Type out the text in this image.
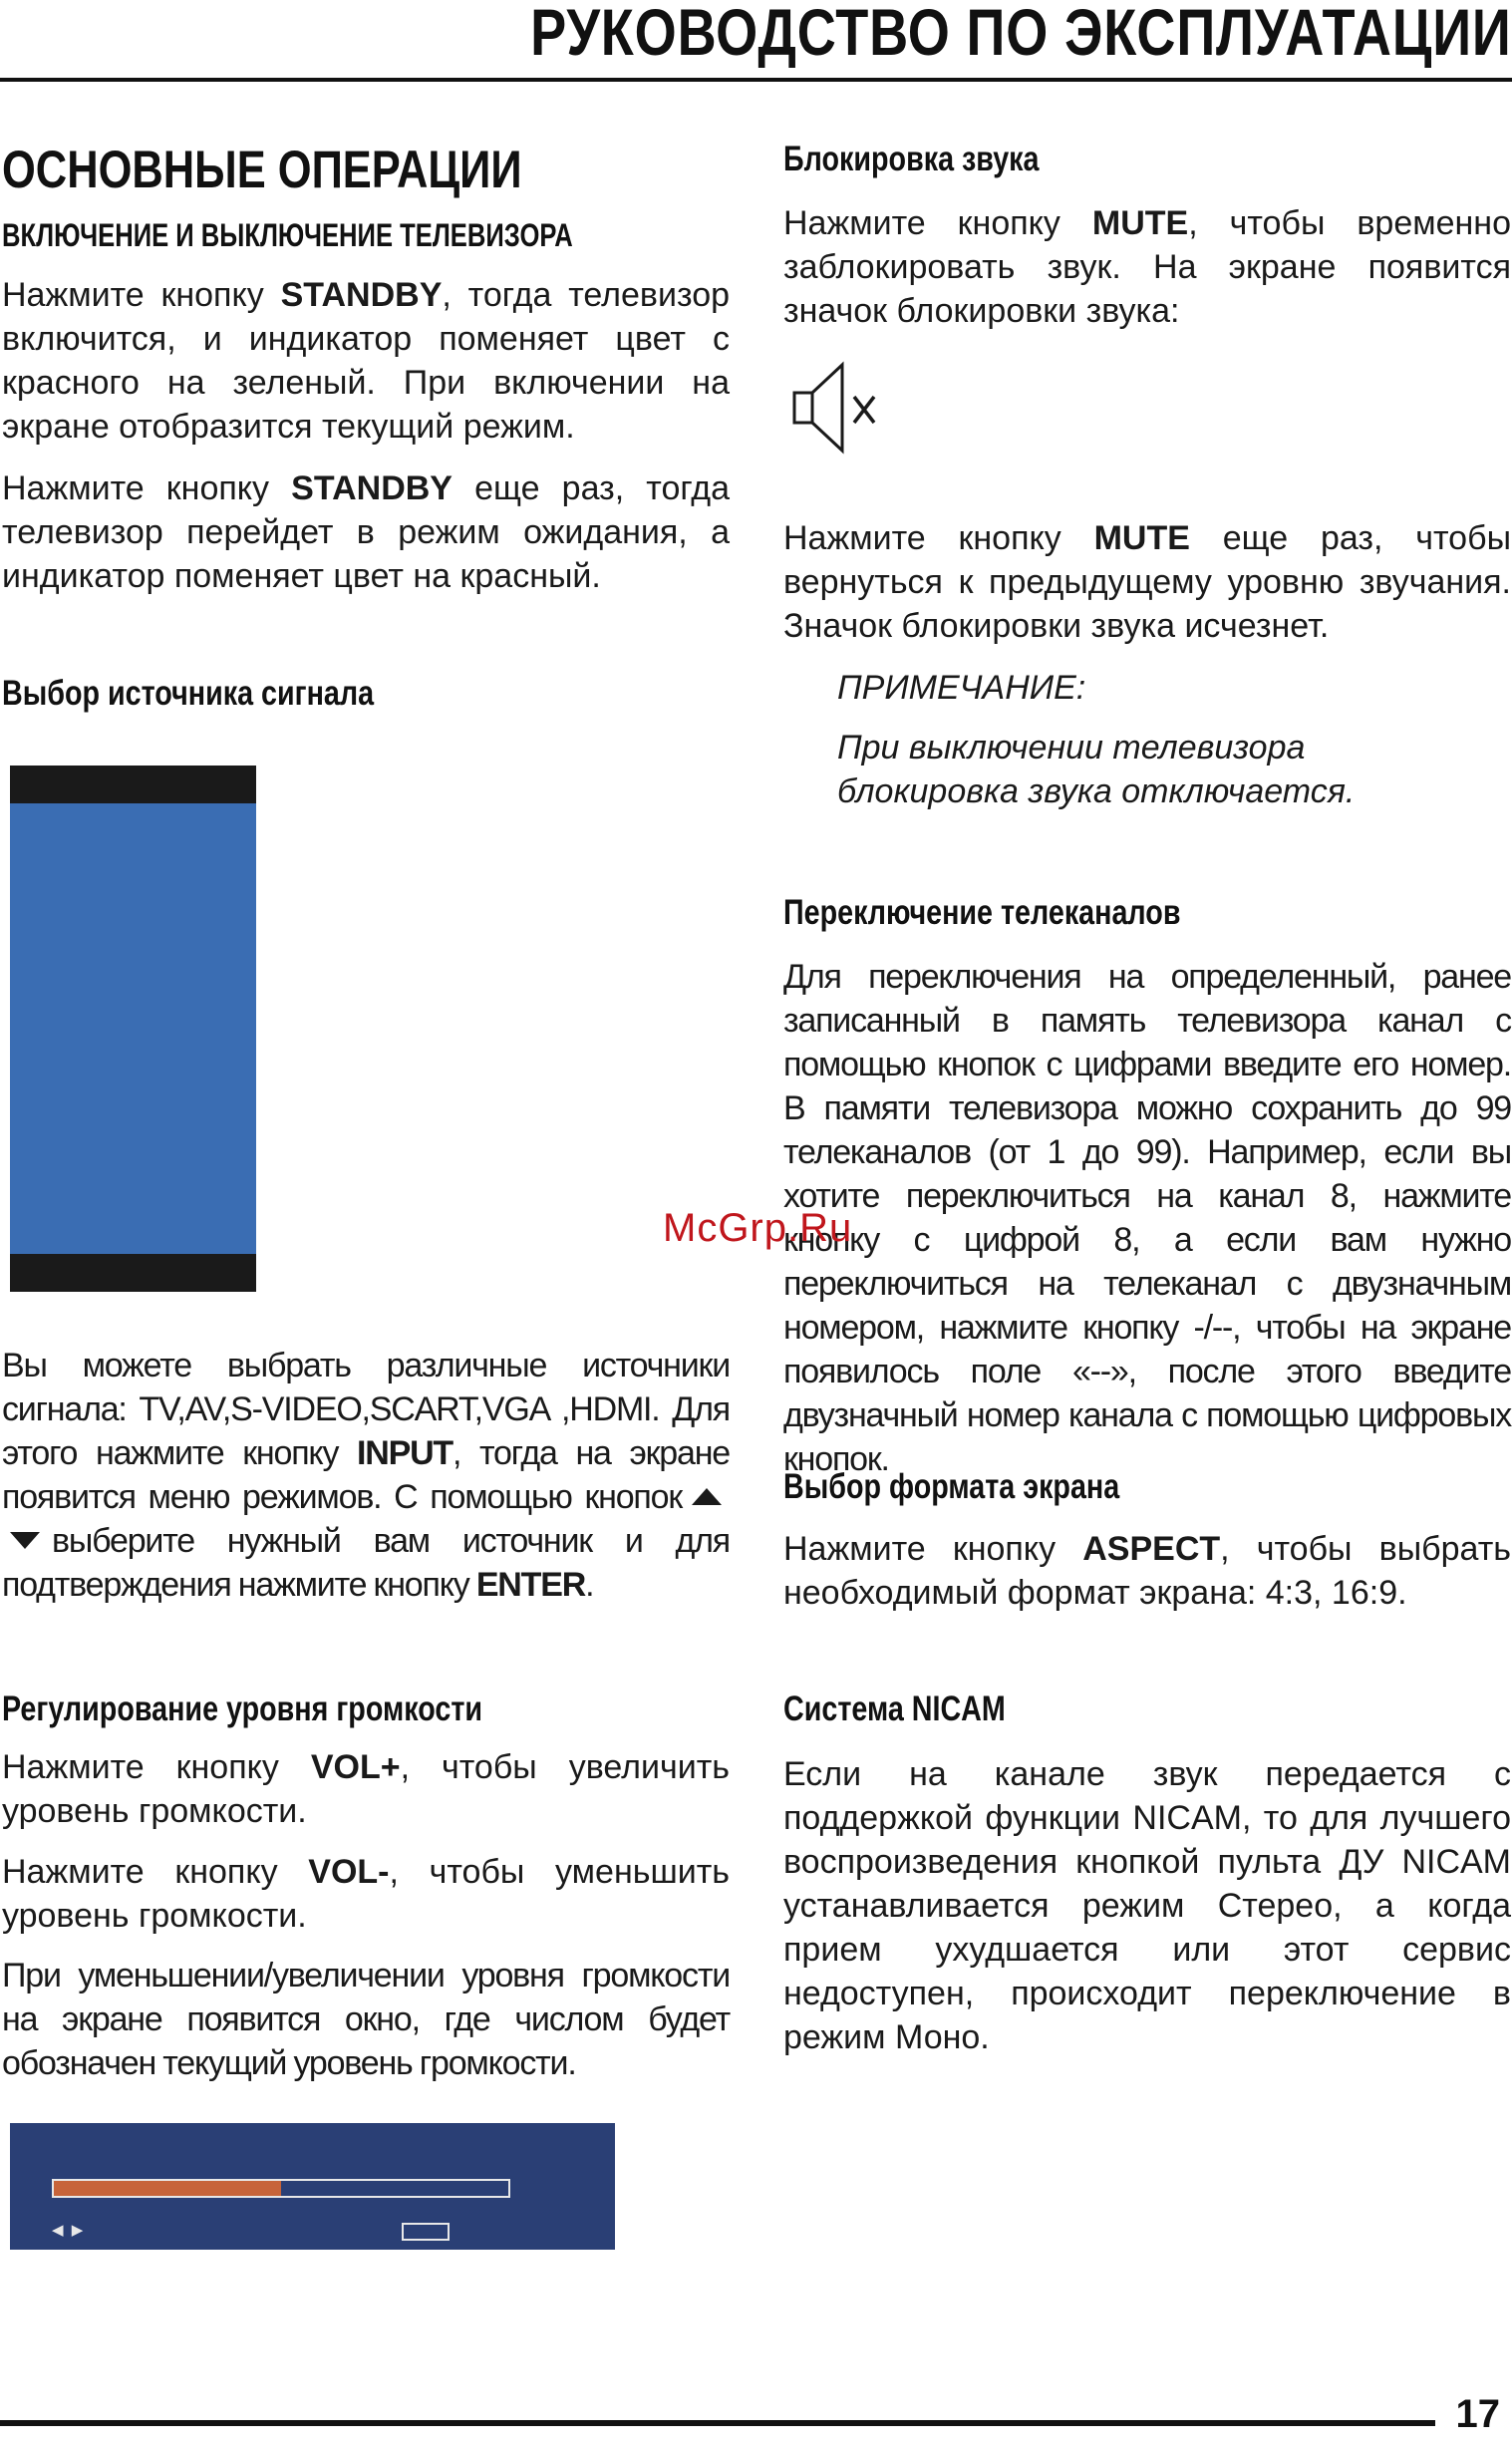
РУКОВОДСТВО ПО ЭКСПЛУАТАЦИИ
ОСНОВНЫЕ ОПЕРАЦИИ
ВКЛЮЧЕНИЕ И ВЫКЛЮЧЕНИЕ ТЕЛЕВИЗОРА
Нажмите кнопку STANDBY, тогда телевизор включится, и индикатор поменяет цвет с красного на зеленый. При включении на экране отобразится текущий режим.
Нажмите кнопку STANDBY еще раз, тогда телевизор перейдет в режим ожидания, а индикатор поменяет цвет на красный.
Выбор источника сигнала
Вы можете выбрать различные источники сигнала: TV,AV,S-VIDEO,SCART,VGA ,HDMI. Для этого нажмите кнопку INPUT, тогда на экране появится меню режимов. С помощью кнопоквыберите нужный вам источник и для подтверждения нажмите кнопку ENTER.
Регулирование уровня громкости
Нажмите кнопку VOL+, чтобы увеличить уровень громкости.
Нажмите кнопку VOL-, чтобы уменьшить уровень громкости.
При уменьшении/увеличении уровня громкости на экране появится окно, где числом будет обозначен текущий уровень громкости.
◀ ▶
Блокировка звука
Нажмите кнопку MUTE, чтобы временно заблокировать звук. На экране появится значок блокировки звука:
Нажмите кнопку MUTE еще раз, чтобы вернуться к предыдущему уровню звучания. Значок блокировки звука исчезнет.
ПРИМЕЧАНИЕ:
При выключении телевизора блокировка звука отключается.
Переключение телеканалов
Для переключения на определенный, ранее записанный в память телевизора канал с помощью кнопок с цифрами введите его номер. В памяти телевизора можно сохранить до 99 телеканалов (от 1 до 99). Например, если вы хотите переключиться на канал 8, нажмите кнопку с цифрой 8, а если вам нужно переключиться на телеканал с двузначным номером, нажмите кнопку -/--, чтобы на экране появилось поле «--», после этого введите двузначный номер канала с помощью цифровых кнопок.
Выбор формата экрана
Нажмите кнопку ASPECT, чтобы выбрать необходимый формат экрана: 4:3, 16:9.
Система NICAM
Если на канале звук передается с поддержкой функции NICAM, то для лучшего воспроизведения кнопкой пульта ДУ NICAM устанавливается режим Стерео, а когда прием ухудшается или этот сервис недоступен, происходит переключение в режим Моно.
McGrp.Ru
17
